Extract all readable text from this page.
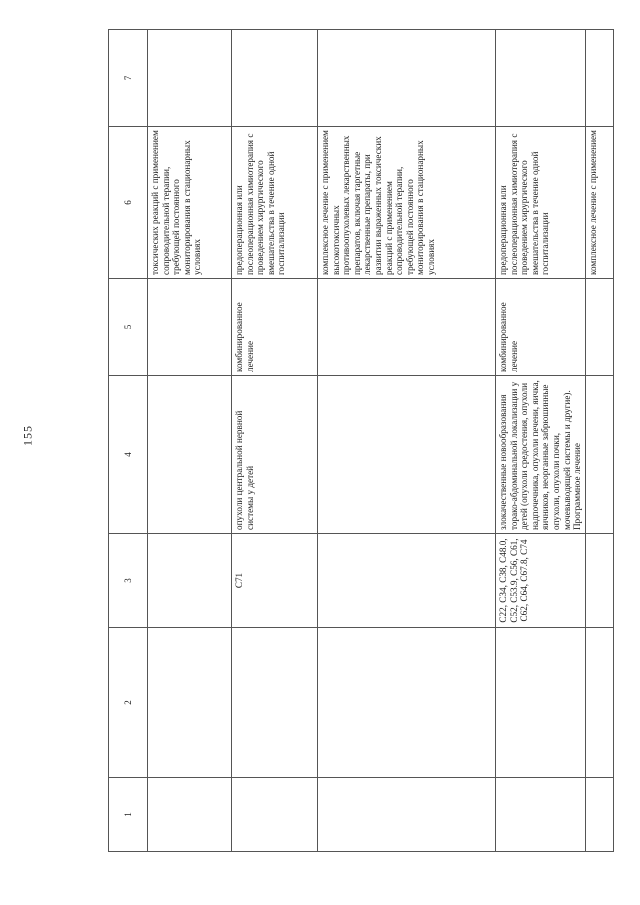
155
1	2	3	4	5	6	7
					токсических реакций с применением сопроводительной терапии, требующей постоянного мониторирования в стационарных условиях	
		C71	опухоли центральной нервной системы у детей	комбинированное лечение	предоперационная или послеоперационная химиотерапия с проведением хирургического вмешательства в течение одной госпитализации	
					комплексное лечение с применением высокотоксичных противоопухолевых лекарственных препаратов, включая таргетные лекарственные препараты, при развитии выраженных токсических реакций с применением сопроводительной терапии, требующей постоянного мониторирования в стационарных условиях	
		C22, C34, C38, C48.0, C52, C53.9, C56, C61, C62, C64, C67.8, C74	злокачественные новообразования торако-абдоминальной локализации у детей (опухоли средостения, опухоли надпочечника, опухоли печени, яичка, яичников, неорганные забрюшинные опухоли, опухоли почки, мочевыводящей системы и другие). Программное лечение	комбинированное лечение	предоперационная или послеоперационная химиотерапия с проведением хирургического вмешательства в течение одной госпитализации	
					комплексное лечение с применением	
